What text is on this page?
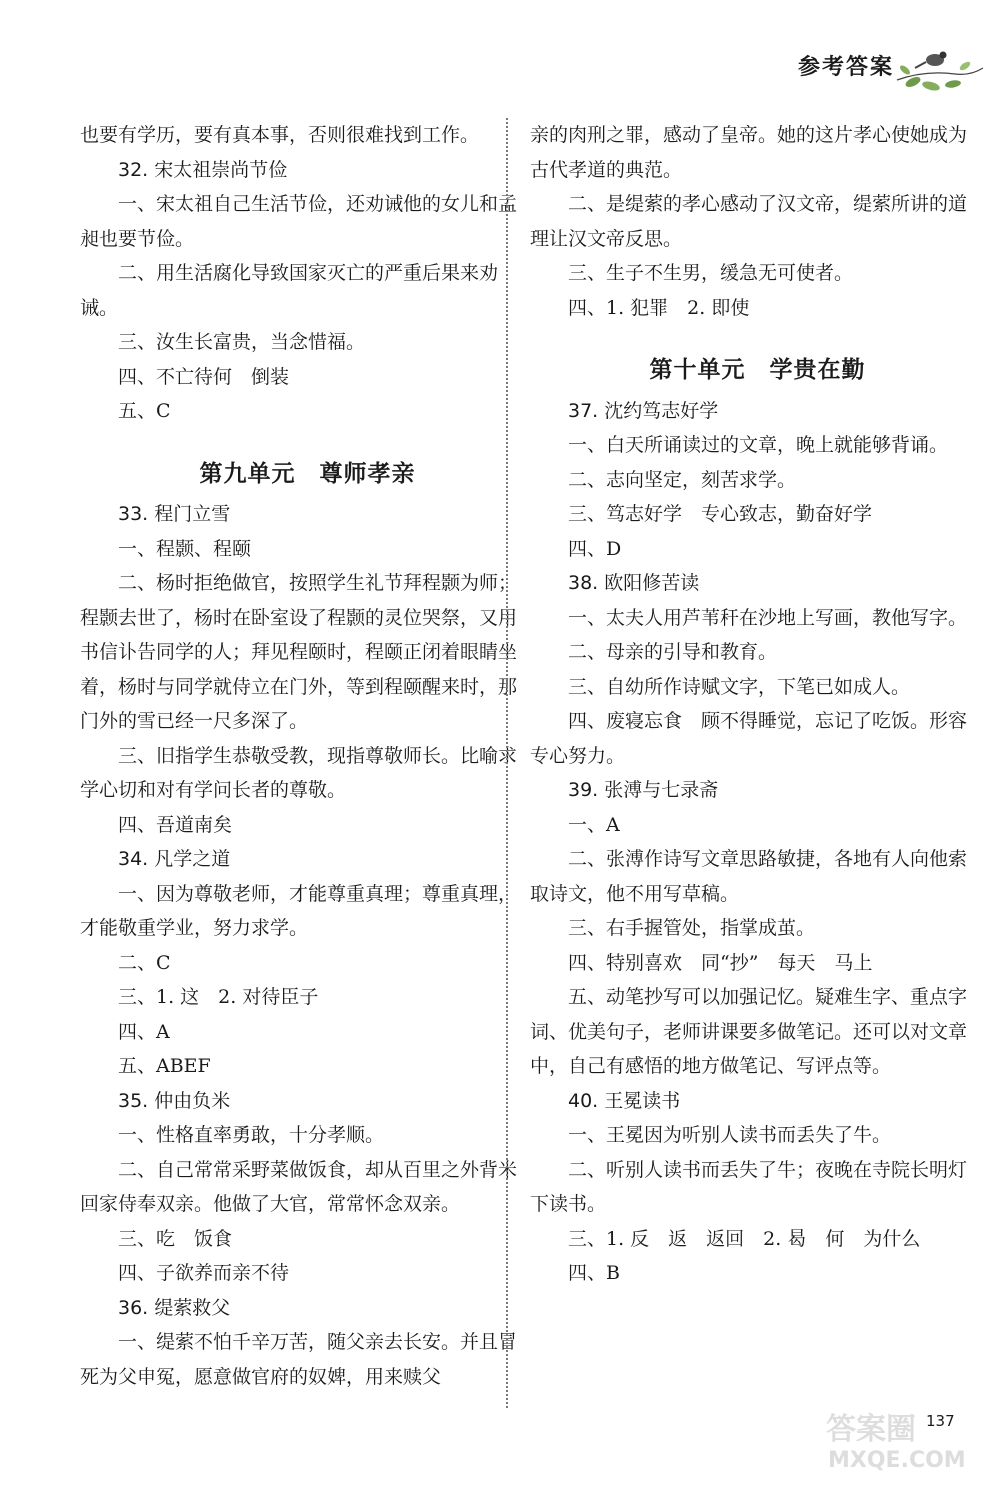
参考答案
也要有学历，要有真本事，否则很难找到工作。
32. 宋太祖崇尚节俭
一、宋太祖自己生活节俭，还劝诫他的女儿和孟昶也要节俭。
二、用生活腐化导致国家灭亡的严重后果来劝诫。
三、汝生长富贵，当念惜福。
四、不亡待何　倒装
五、C
第九单元　尊师孝亲
33. 程门立雪
一、程颢、程颐
二、杨时拒绝做官，按照学生礼节拜程颢为师；程颢去世了，杨时在卧室设了程颢的灵位哭祭，又用书信讣告同学的人；拜见程颐时，程颐正闭着眼睛坐着，杨时与同学就侍立在门外，等到程颐醒来时，那门外的雪已经一尺多深了。
三、旧指学生恭敬受教，现指尊敬师长。比喻求学心切和对有学问长者的尊敬。
四、吾道南矣
34. 凡学之道
一、因为尊敬老师，才能尊重真理；尊重真理，才能敬重学业，努力求学。
二、C
三、1. 这　2. 对待臣子
四、A
五、ABEF
35. 仲由负米
一、性格直率勇敢，十分孝顺。
二、自己常常采野菜做饭食，却从百里之外背米回家侍奉双亲。他做了大官，常常怀念双亲。
三、吃　饭食
四、子欲养而亲不待
36. 缇萦救父
一、缇萦不怕千辛万苦，随父亲去长安。并且冒死为父申冤，愿意做官府的奴婢，用来赎父
亲的肉刑之罪，感动了皇帝。她的这片孝心使她成为古代孝道的典范。
二、是缇萦的孝心感动了汉文帝，缇萦所讲的道理让汉文帝反思。
三、生子不生男，缓急无可使者。
四、1. 犯罪　2. 即使
第十单元　学贵在勤
37. 沈约笃志好学
一、白天所诵读过的文章，晚上就能够背诵。
二、志向坚定，刻苦求学。
三、笃志好学　专心致志，勤奋好学
四、D
38. 欧阳修苦读
一、太夫人用芦苇秆在沙地上写画，教他写字。
二、母亲的引导和教育。
三、自幼所作诗赋文字，下笔已如成人。
四、废寝忘食　顾不得睡觉，忘记了吃饭。形容专心努力。
39. 张溥与七录斋
一、A
二、张溥作诗写文章思路敏捷，各地有人向他索取诗文，他不用写草稿。
三、右手握管处，指掌成茧。
四、特别喜欢　同“抄”　每天　马上
五、动笔抄写可以加强记忆。疑难生字、重点字词、优美句子，老师讲课要多做笔记。还可以对文章中，自己有感悟的地方做笔记、写评点等。
40. 王冕读书
一、王冕因为听别人读书而丢失了牛。
二、听别人读书而丢失了牛；夜晚在寺院长明灯下读书。
三、1. 反　返　返回　2. 曷　何　为什么
四、B
答案圈
MXQE.COM
137
